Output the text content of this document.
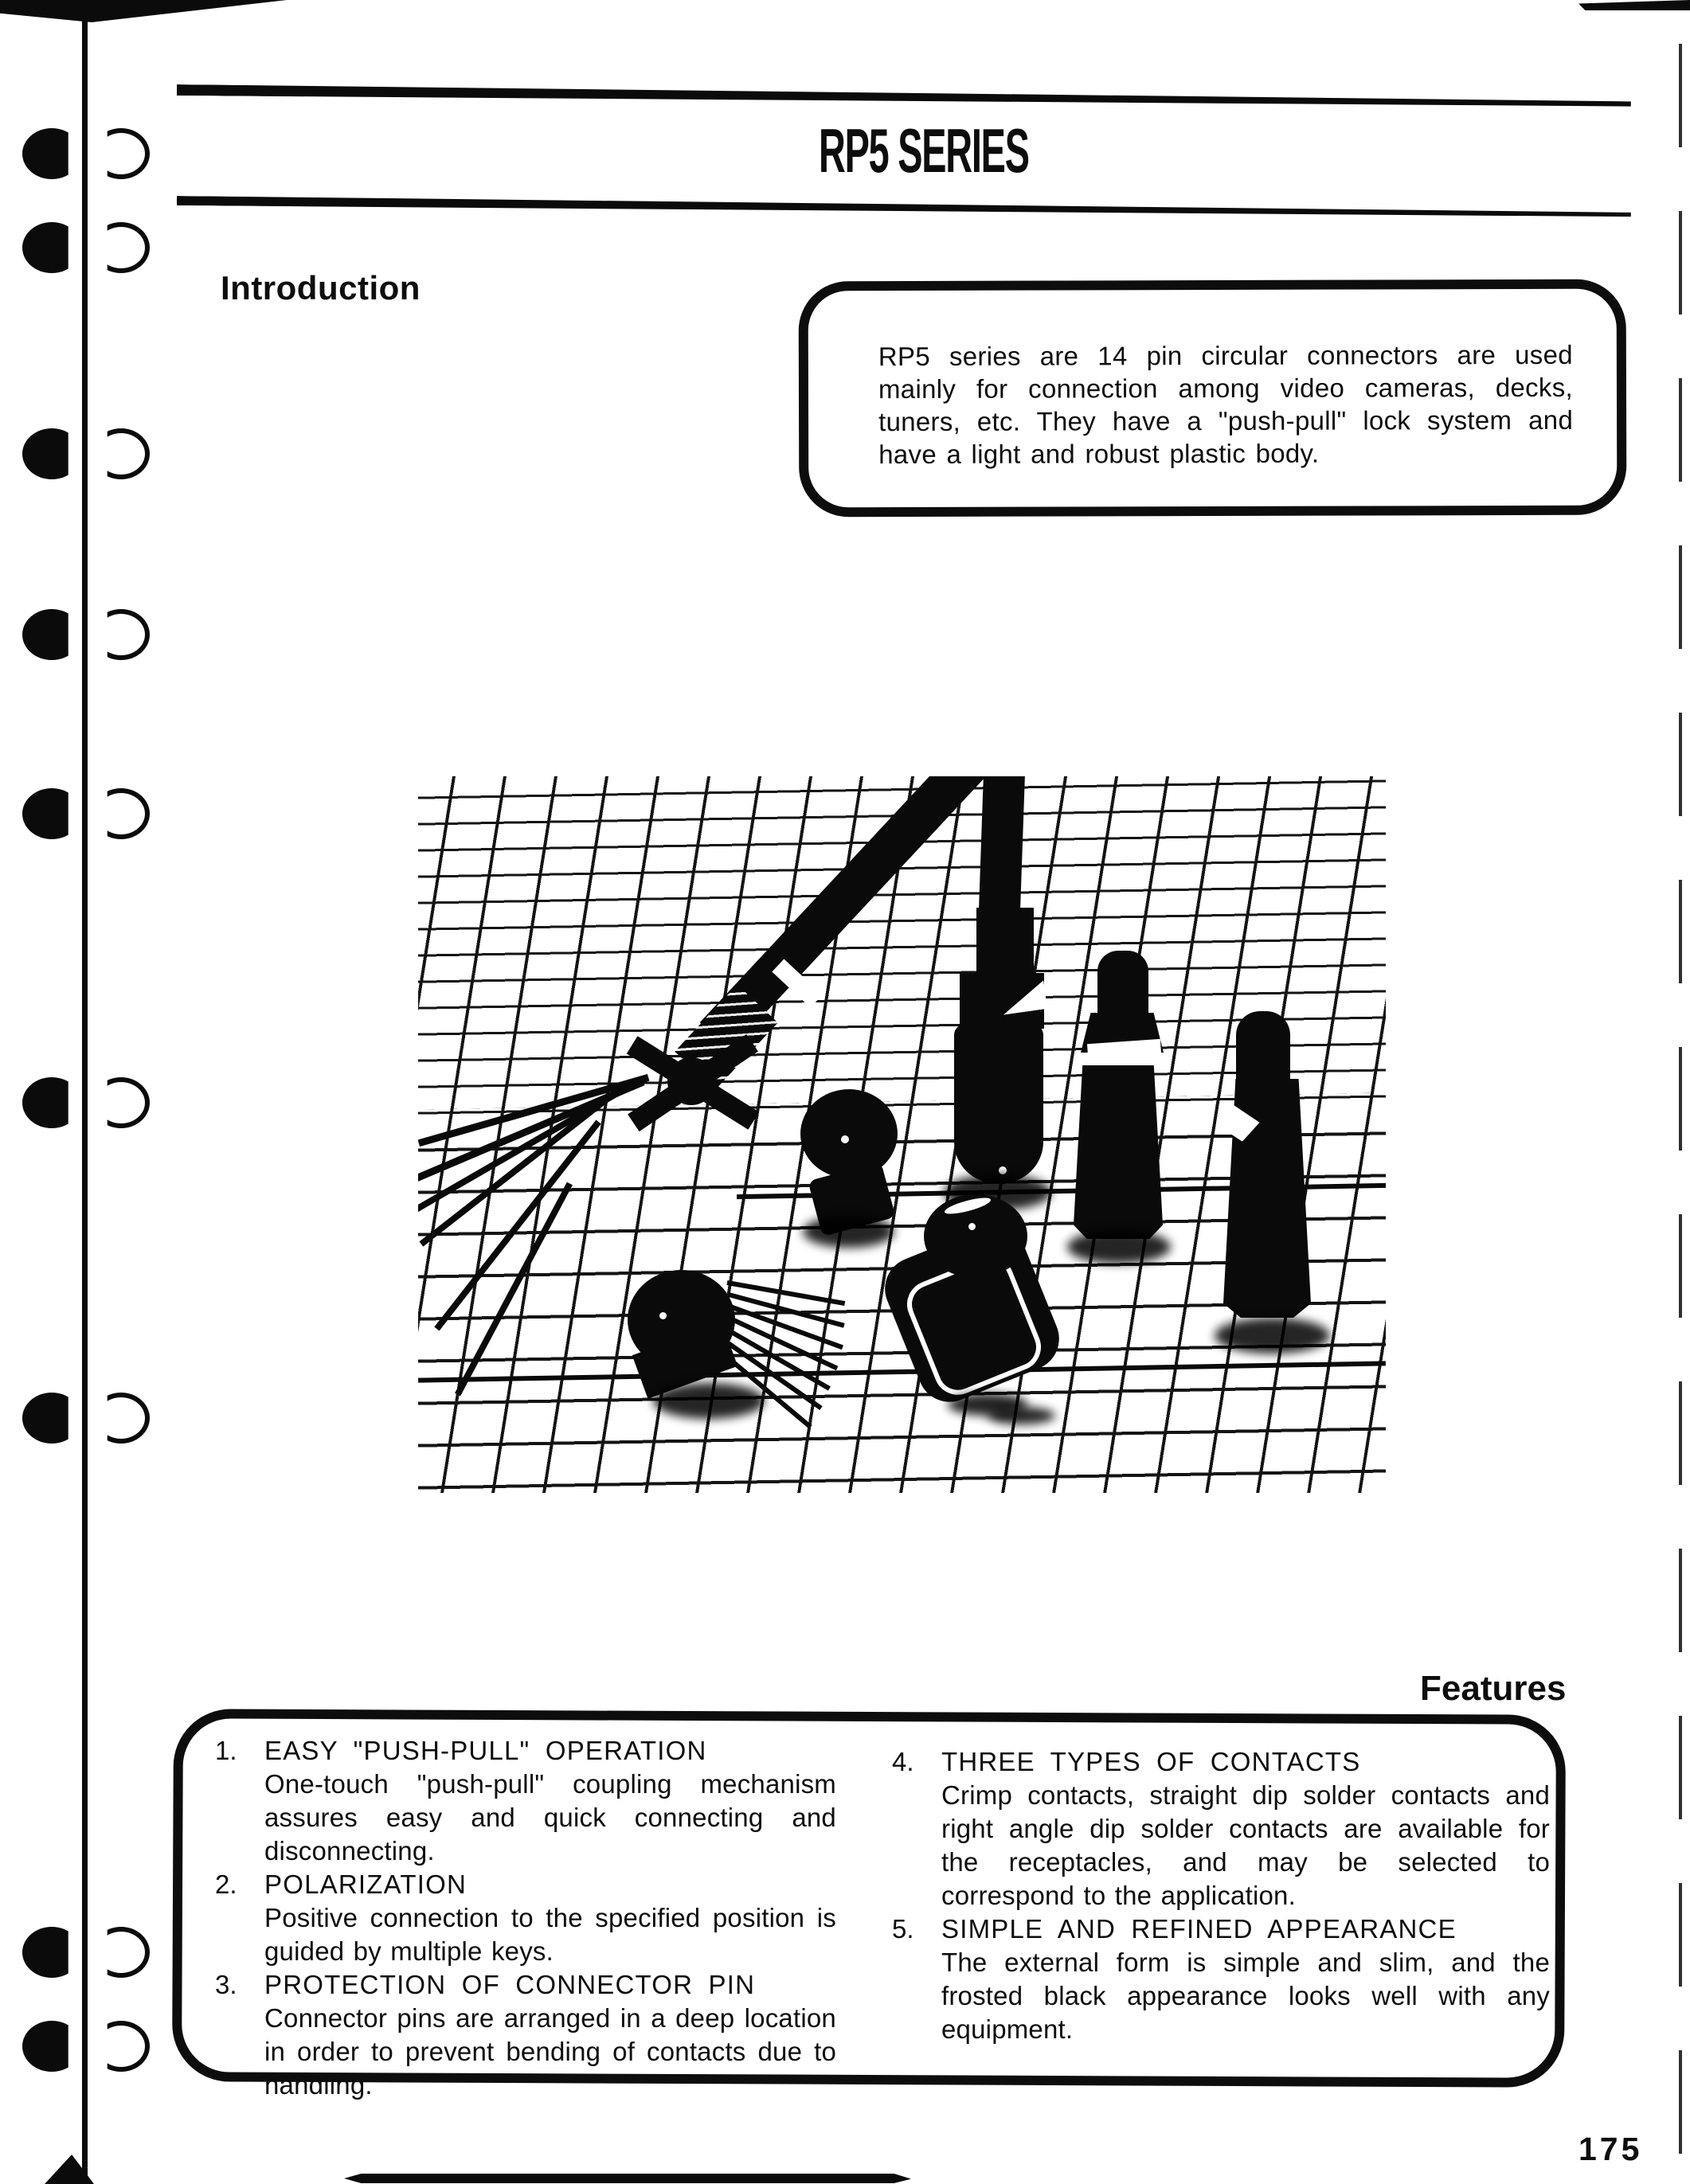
RP5 SERIES
Introduction

RP5 series are 14 pin circular connectors are used mainly for connection among video cameras, decks, tuners, etc. They have a "push-pull" lock system and have a light and robust plastic body.

Features
1. EASY "PUSH-PULL" OPERATION
One-touch "push-pull" coupling mechanism assures easy and quick connecting and disconnecting.
2. POLARIZATION
Positive connection to the specified position is guided by multiple keys.
3. PROTECTION OF CONNECTOR PIN
Connector pins are arranged in a deep location in order to prevent bending of contacts due to handling.
4. THREE TYPES OF CONTACTS
Crimp contacts, straight dip solder contacts and right angle dip solder contacts are available for the receptacles, and may be selected to correspond to the application.
5. SIMPLE AND REFINED APPEARANCE
The external form is simple and slim, and the frosted black appearance looks well with any equipment.
175
